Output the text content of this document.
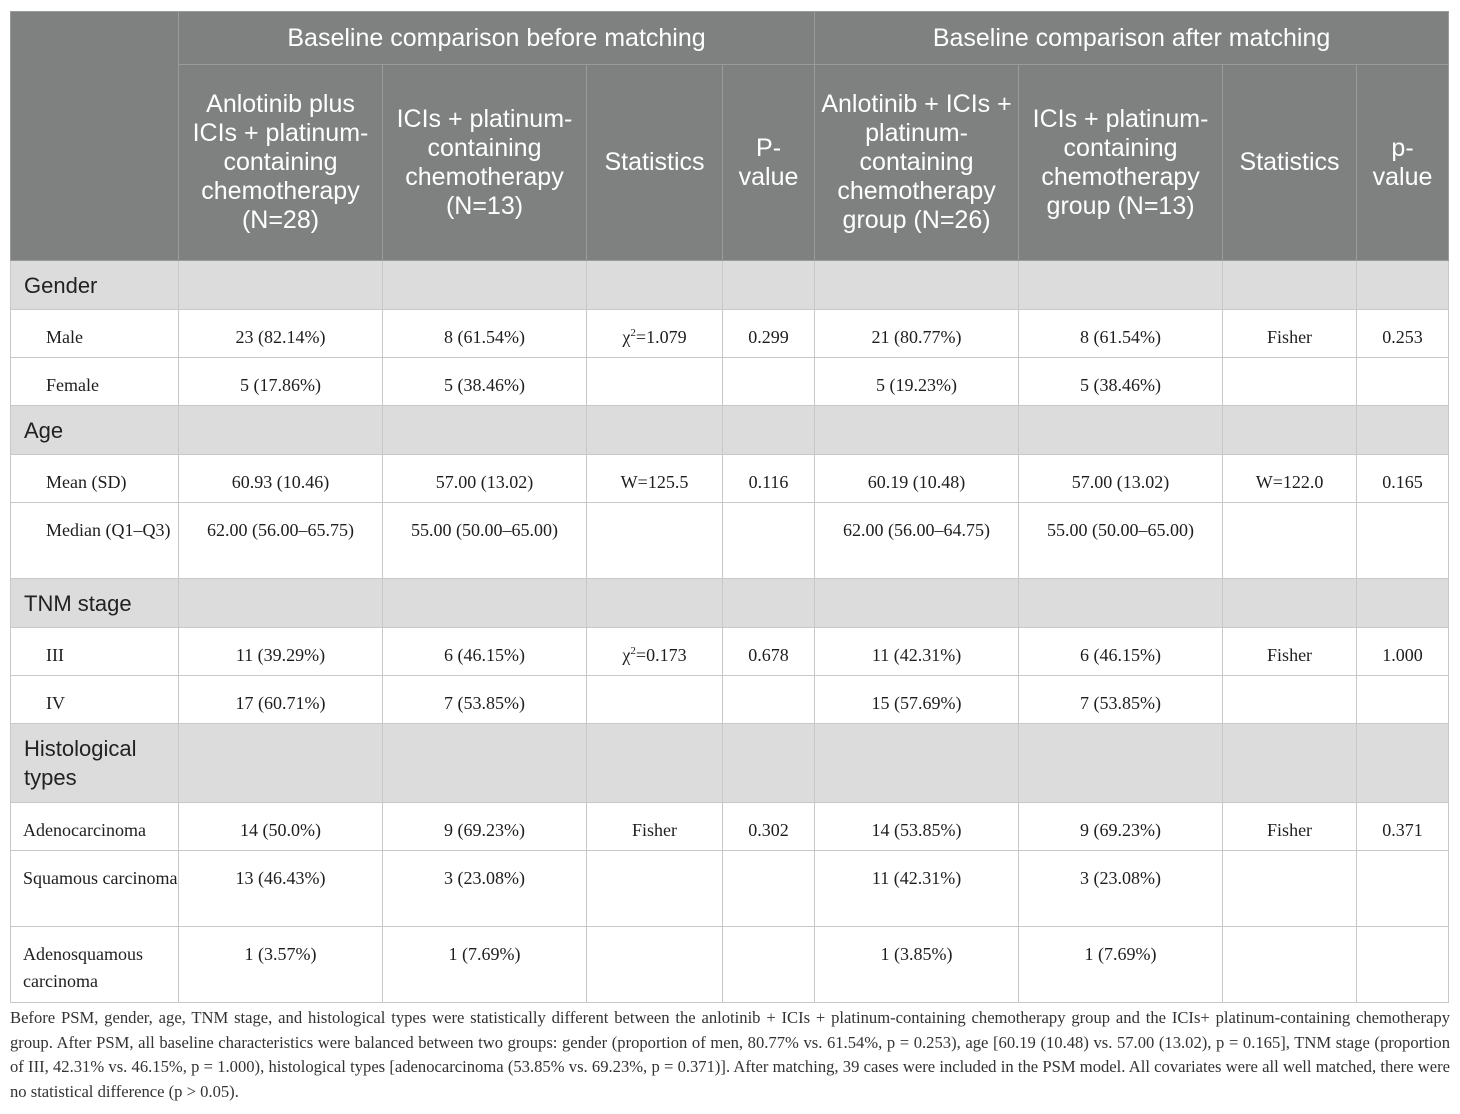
	Baseline comparison before matching				Baseline comparison after matching			
	Anlotinib plus ICIs + platinum-containing chemotherapy (N=28)	ICIs + platinum-containing chemotherapy (N=13)	Statistics	P-value	Anlotinib + ICIs + platinum-containing chemotherapy group (N=26)	ICIs + platinum-containing chemotherapy group (N=13)	Statistics	p-value
Gender								
Male	23 (82.14%)	8 (61.54%)	$\chi^2=1.079$	0.299	21 (80.77%)	8 (61.54%)	Fisher	0.253
Female	5 (17.86%)	5 (38.46%)			5 (19.23%)	5 (38.46%)		
Age								
Mean (SD)	60.93 (10.46)	57.00 (13.02)	W=125.5	0.116	60.19 (10.48)	57.00 (13.02)	W=122.0	0.165
Median (Q1–Q3)	62.00 (56.00–65.75)	55.00 (50.00–65.00)			62.00 (56.00–64.75)	55.00 (50.00–65.00)		
TNM stage								
III	11 (39.29%)	6 (46.15%)	$\chi^2=0.173$	0.678	11 (42.31%)	6 (46.15%)	Fisher	1.000
IV	17 (60.71%)	7 (53.85%)			15 (57.69%)	7 (53.85%)		
Histological types								
Adenocarcinoma	14 (50.0%)	9 (69.23%)	Fisher	0.302	14 (53.85%)	9 (69.23%)	Fisher	0.371
Squamous carcinoma	13 (46.43%)	3 (23.08%)			11 (42.31%)	3 (23.08%)		
Adenosquamous carcinoma	1 (3.57%)	1 (7.69%)			1 (3.85%)	1 (7.69%)		
Before PSM, gender, age, TNM stage, and histological types were statistically different between the anlotinib + ICIs + platinum-containing chemotherapy group and the ICIs+ platinum-containing chemotherapy group. After PSM, all baseline characteristics were balanced between two groups: gender (proportion of men, 80.77% vs. 61.54%, p = 0.253), age [60.19 (10.48) vs. 57.00 (13.02), p = 0.165], TNM stage (proportion of III, 42.31% vs. 46.15%, p = 1.000), histological types [adenocarcinoma (53.85% vs. 69.23%, p = 0.371)]. After matching, 39 cases were included in the PSM model. All covariates were all well matched, there were no statistical difference (p > 0.05).
